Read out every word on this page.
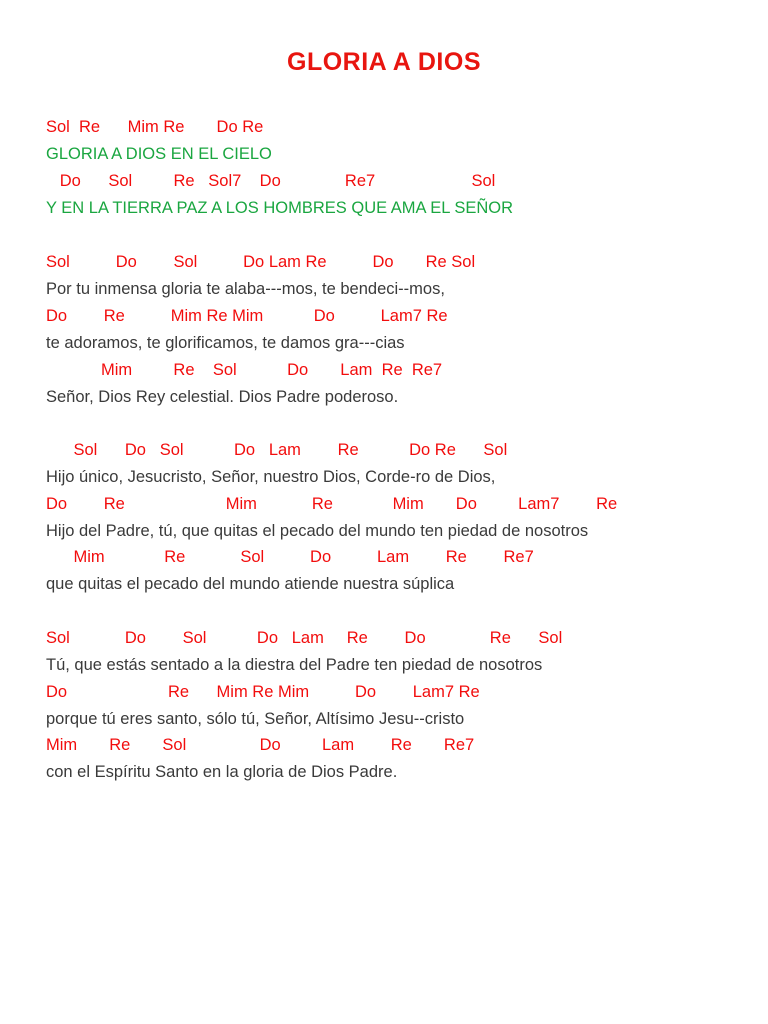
GLORIA A DIOS
Sol  Re      Mim Re       Do Re
GLORIA A DIOS EN EL CIELO
Do      Sol         Re   Sol7    Do              Re7                     Sol
Y EN LA TIERRA PAZ A LOS HOMBRES QUE AMA EL SEÑOR
Sol          Do        Sol          Do Lam Re          Do       Re Sol
Por tu inmensa gloria te alaba---mos, te bendeci--mos,
Do        Re          Mim Re Mim           Do          Lam7 Re
te adoramos, te glorificamos, te damos gra---cias
Mim         Re    Sol           Do       Lam  Re  Re7
Señor, Dios Rey celestial. Dios Padre poderoso.
Sol      Do   Sol           Do   Lam        Re           Do Re      Sol
Hijo único, Jesucristo, Señor, nuestro Dios, Corde-ro de Dios,
Do        Re                      Mim            Re             Mim       Do         Lam7        Re
Hijo del Padre, tú, que quitas el pecado del mundo ten piedad de nosotros
Mim             Re            Sol          Do          Lam        Re        Re7
que quitas el pecado del mundo atiende nuestra súplica
Sol            Do        Sol           Do   Lam     Re        Do              Re      Sol
Tú, que estás sentado a la diestra del Padre ten piedad de nosotros
Do                      Re      Mim Re Mim          Do        Lam7 Re
porque tú eres santo, sólo tú, Señor, Altísimo Jesu--cristo
Mim       Re       Sol                Do         Lam        Re       Re7
con el Espíritu Santo en la gloria de Dios Padre.
